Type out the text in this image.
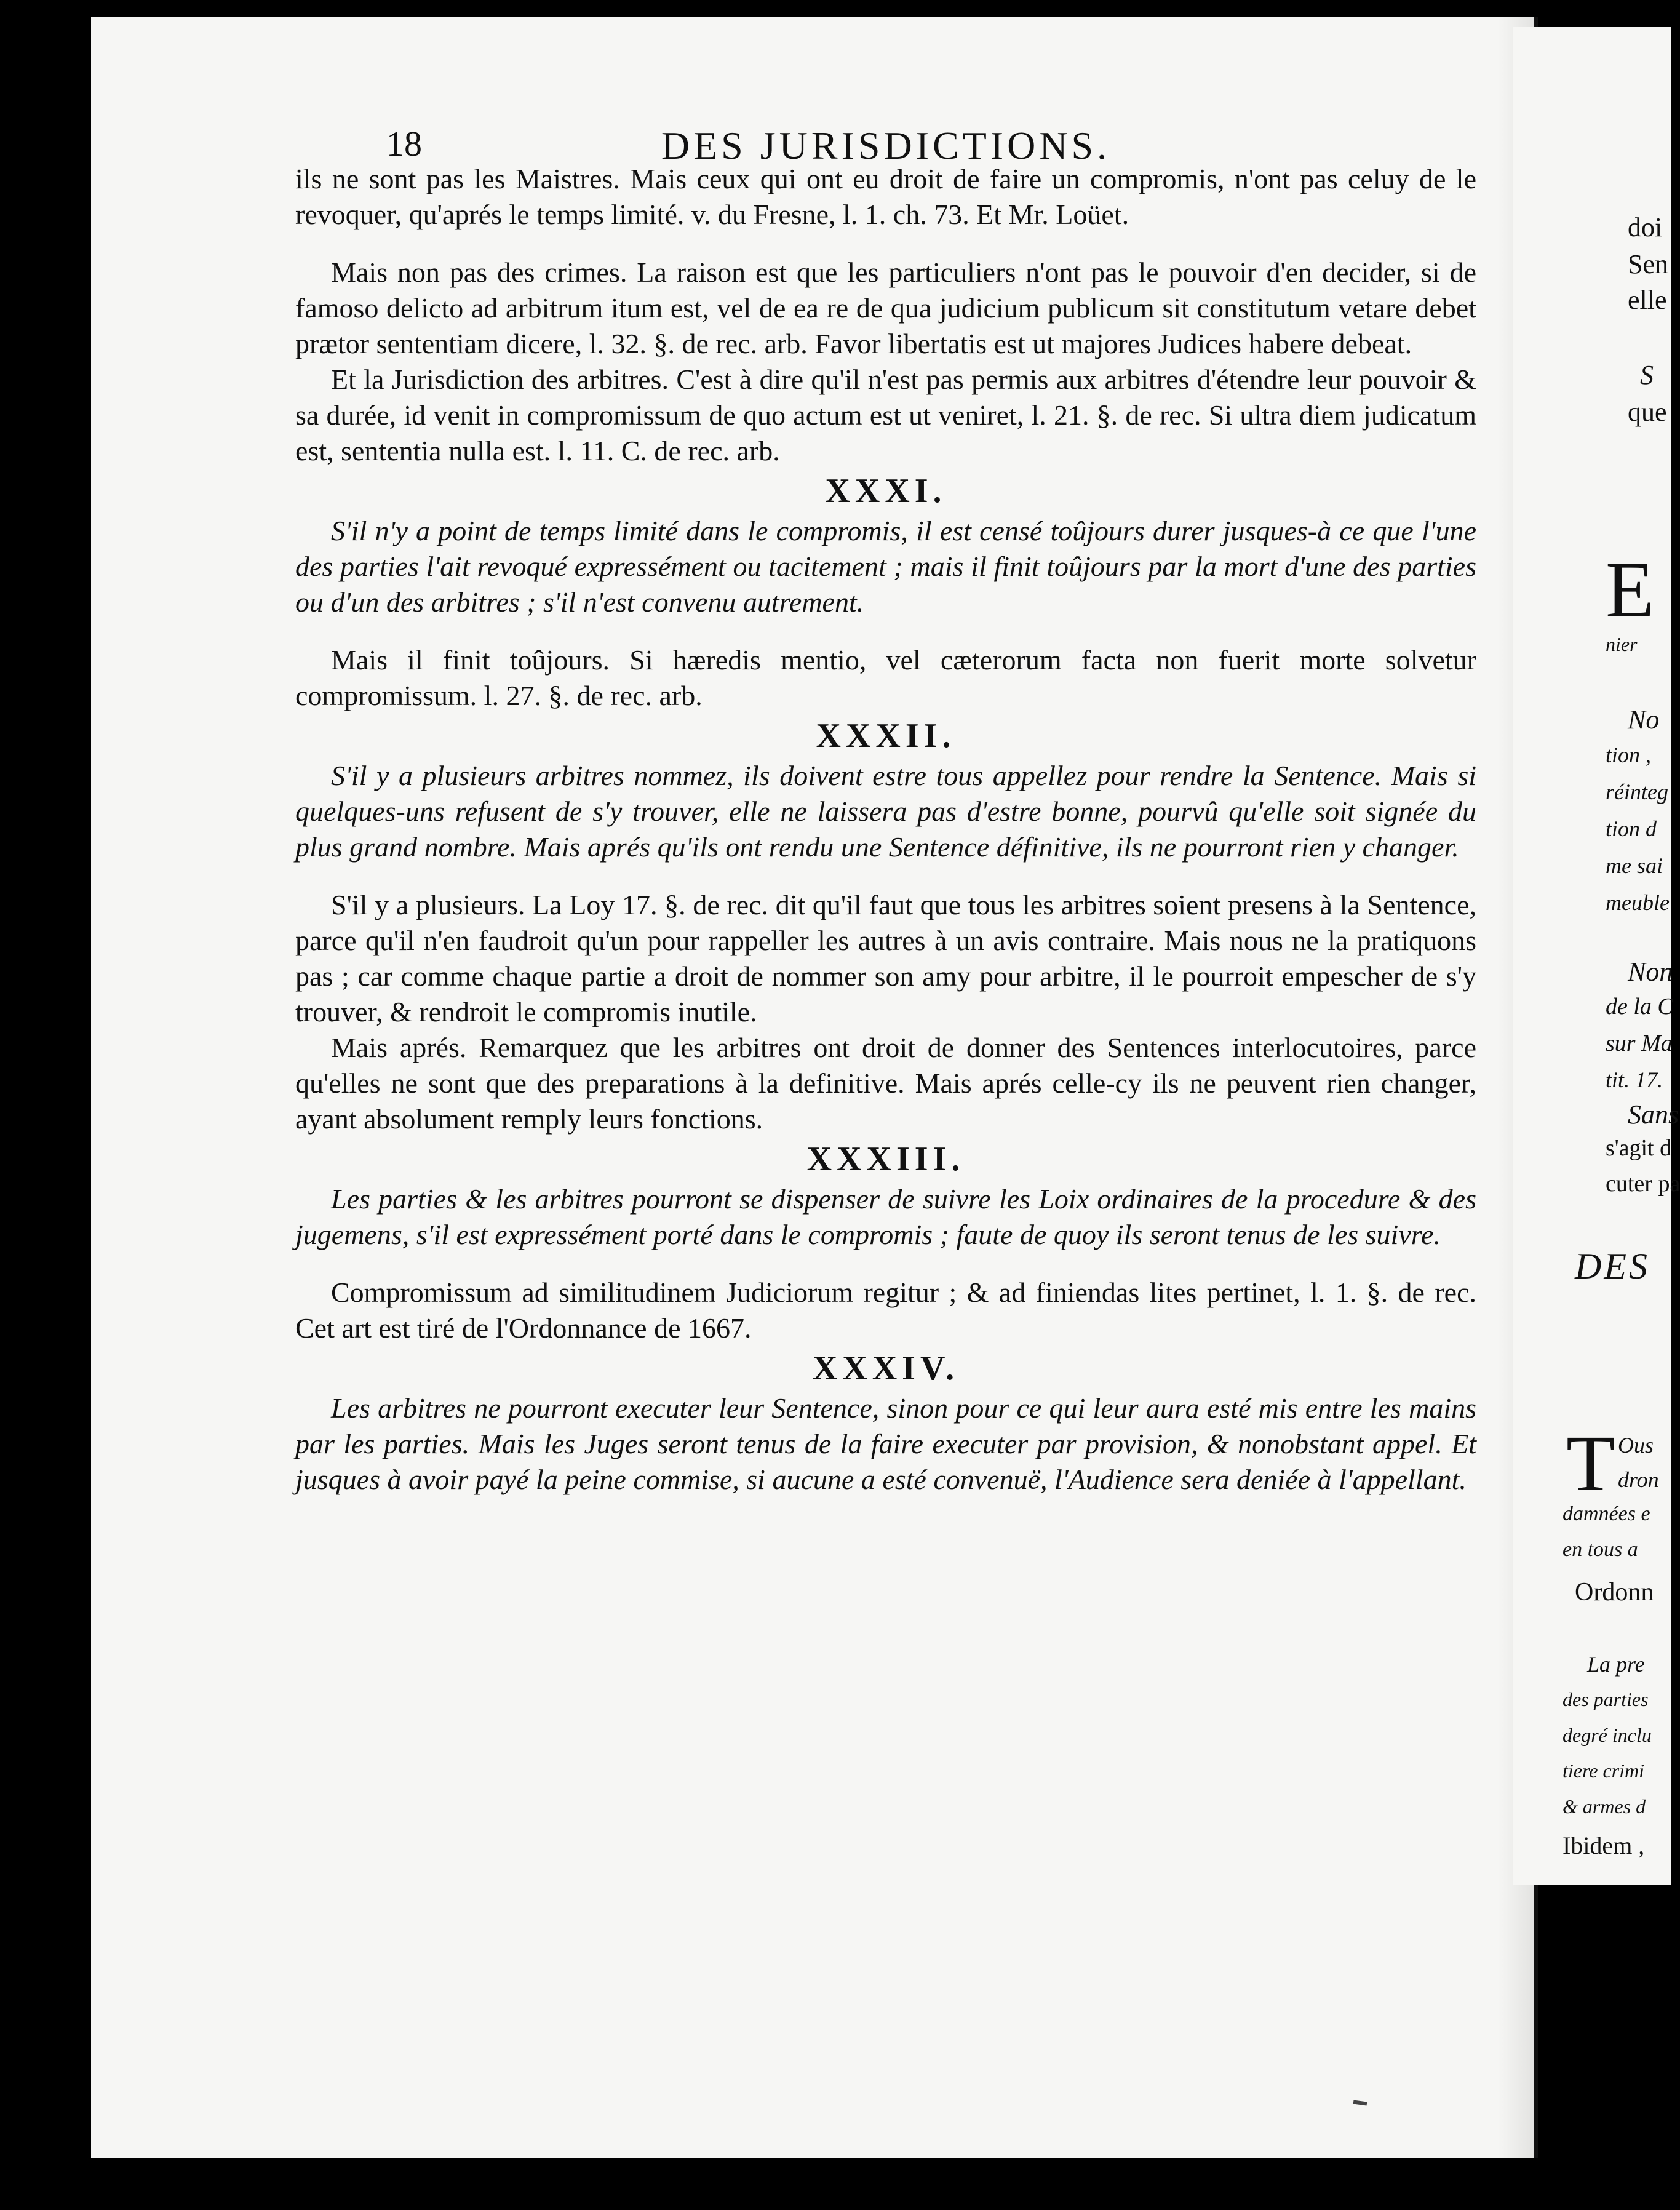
18	DES JURISDICTIONS.

ils ne sont pas les Maistres. Mais ceux qui ont eu droit de faire un compromis, n'ont pas celuy de le revoquer, qu'aprés le temps limité. v. du Fresne, l. 1. ch. 73. Et Mr. Loüet.

Mais non pas des crimes. La raison est que les particuliers n'ont pas le pouvoir d'en decider, si de famoso delicto ad arbitrum itum est, vel de ea re de qua judicium publicum sit constitutum vetare debet prætor sententiam dicere, l. 32. §. de rec. arb. Favor libertatis est ut majores Judices habere debeat.

Et la Jurisdiction des arbitres. C'est à dire qu'il n'est pas permis aux arbitres d'étendre leur pouvoir & sa durée, id venit in compromissum de quo actum est ut veniret, l. 21. §. de rec. Si ultra diem judicatum est, sententia nulla est. l. 11. C. de rec. arb.

XXXI.

S'il n'y a point de temps limité dans le compromis, il est censé toûjours durer jusques-à ce que l'une des parties l'ait revoqué expressément ou tacitement ; mais il finit toûjours par la mort d'une des parties ou d'un des arbitres ; s'il n'est convenu autrement.

Mais il finit toûjours. Si hæredis mentio, vel cæterorum facta non fuerit morte solvetur compromissum. l. 27. §. de rec. arb.

XXXII.

S'il y a plusieurs arbitres nommez, ils doivent estre tous appellez pour rendre la Sentence. Mais si quelques-uns refusent de s'y trouver, elle ne laissera pas d'estre bonne, pourvû qu'elle soit signée du plus grand nombre. Mais aprés qu'ils ont rendu une Sentence définitive, ils ne pourront rien y changer.

S'il y a plusieurs. La Loy 17. §. de rec. dit qu'il faut que tous les arbitres soient presens à la Sentence, parce qu'il n'en faudroit qu'un pour rappeller les autres à un avis contraire. Mais nous ne la pratiquons pas ; car comme chaque partie a droit de nommer son amy pour arbitre, il le pourroit empescher de s'y trouver, & rendroit le compromis inutile.

Mais aprés. Remarquez que les arbitres ont droit de donner des Sentences interlocutoires, parce qu'elles ne sont que des preparations à la definitive. Mais aprés celle-cy ils ne peuvent rien changer, ayant absolument remply leurs fonctions.

XXXIII.

Les parties & les arbitres pourront se dispenser de suivre les Loix ordinaires de la procedure & des jugemens, s'il est expressément porté dans le compromis ; faute de quoy ils seront tenus de les suivre.

Compromissum ad similitudinem Judiciorum regitur ; & ad finiendas lites pertinet, l. 1. §. de rec. Cet art est tiré de l'Ordonnance de 1667.

XXXIV.

Les arbitres ne pourront executer leur Sentence, sinon pour ce qui leur aura esté mis entre les mains par les parties. Mais les Juges seront tenus de la faire executer par provision, & nonobstant appel. Et jusques à avoir payé la peine commise, si aucune a esté convenuë, l'Audience sera deniée à l'appellant.

doi
Sen
elle
S
que
E
nier
No
tion ,
réinteg
tion d
me sai
meuble
Non
de la C
sur Ma
tit. 17.
Sans
s'agit d
cuter pa
DES
T Ous
dron
damnées e
en tous a
Ordonn
La pre
des parties
degré inclu
tiere crimi
& armes d
Ibidem ,
